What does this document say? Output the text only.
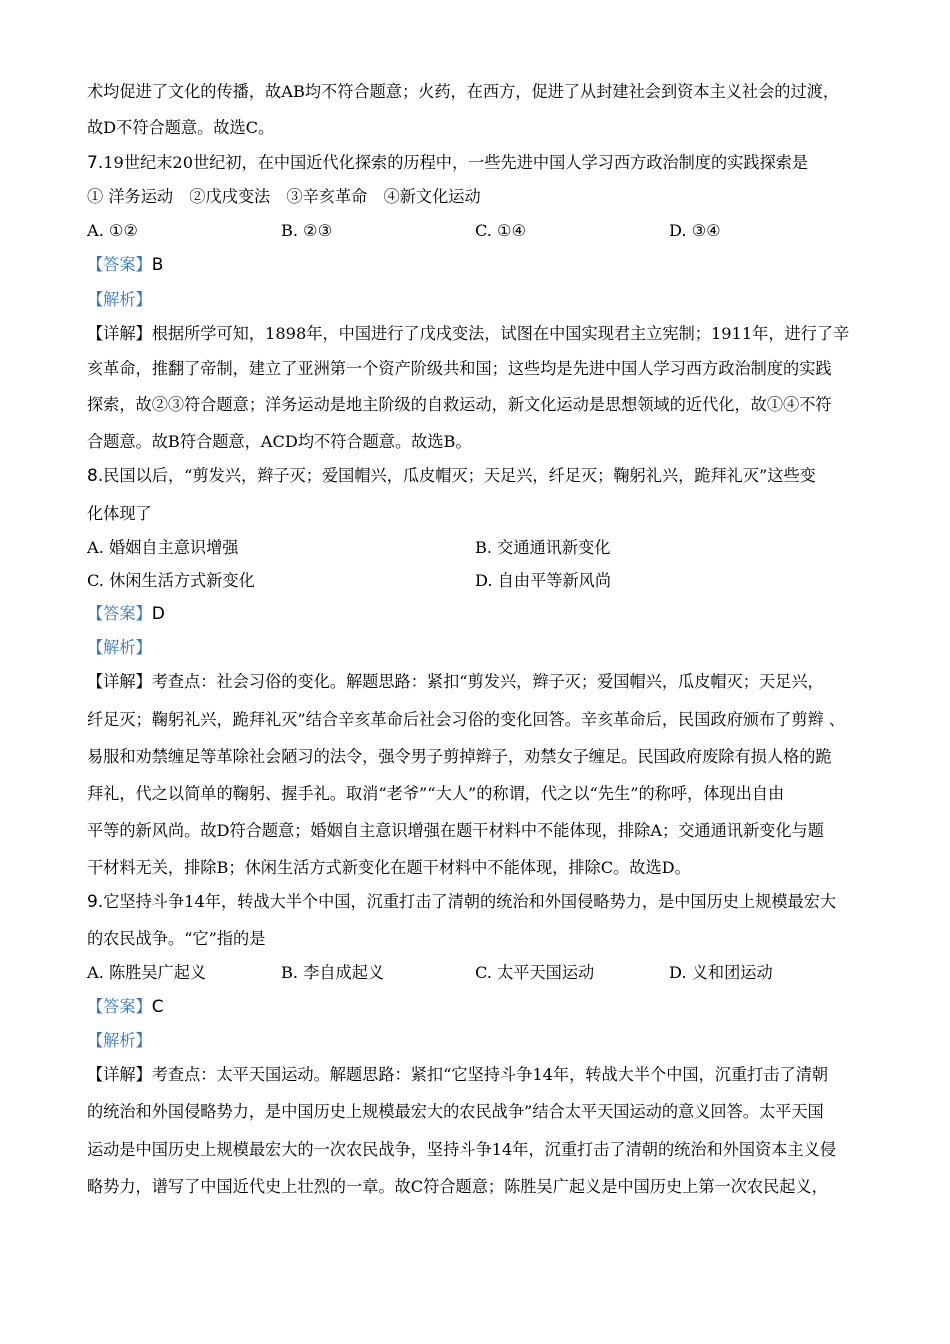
术均促进了文化的传播，故AB均不符合题意；火药，在西方，促进了从封建社会到资本主义社会的过渡，
故D不符合题意。故选C。
7.19世纪末20世纪初，在中国近代化探索的历程中，一些先进中国人学习西方政治制度的实践探索是
① 洋务运动　②戊戌变法　③辛亥革命　④新文化运动
A. ①②	B. ②③	C. ①④	D. ③④
【答案】B
【解析】
【详解】根据所学可知，1898年，中国进行了戊戌变法，试图在中国实现君主立宪制；1911年，进行了辛
亥革命，推翻了帝制，建立了亚洲第一个资产阶级共和国；这些均是先进中国人学习西方政治制度的实践
探索，故②③符合题意；洋务运动是地主阶级的自救运动，新文化运动是思想领域的近代化，故①④不符
合题意。故B符合题意，ACD均不符合题意。故选B。
8.民国以后，“剪发兴，辫子灭；爱国帽兴，瓜皮帽灭；天足兴，纤足灭；鞠躬礼兴，跪拜礼灭”这些变
化体现了
A. 婚姻自主意识增强	B. 交通通讯新变化
C. 休闲生活方式新变化	D. 自由平等新风尚
【答案】D
【解析】
【详解】考查点：社会习俗的变化。解题思路：紧扣“剪发兴，辫子灭；爱国帽兴，瓜皮帽灭；天足兴，
纤足灭；鞠躬礼兴，跪拜礼灭”结合辛亥革命后社会习俗的变化回答。辛亥革命后，民国政府颁布了剪辫 、
易服和劝禁缠足等革除社会陋习的法令，强令男子剪掉辫子，劝禁女子缠足。民国政府废除有损人格的跪
拜礼，代之以简单的鞠躬、握手礼。取消“老爷”“大人”的称谓，代之以“先生”的称呼，体现出自由
平等的新风尚。故D符合题意；婚姻自主意识增强在题干材料中不能体现，排除A；交通通讯新变化与题
干材料无关，排除B；休闲生活方式新变化在题干材料中不能体现，排除C。故选D。
9.它坚持斗争14年，转战大半个中国，沉重打击了清朝的统治和外国侵略势力，是中国历史上规模最宏大
的农民战争。“它”指的是
A. 陈胜吴广起义	B. 李自成起义	C. 太平天国运动	D. 义和团运动
【答案】C
【解析】
【详解】考查点：太平天国运动。解题思路：紧扣“它坚持斗争14年，转战大半个中国，沉重打击了清朝
的统治和外国侵略势力，是中国历史上规模最宏大的农民战争”结合太平天国运动的意义回答。太平天国
运动是中国历史上规模最宏大的一次农民战争，坚持斗争14年，沉重打击了清朝的统治和外国资本主义侵
略势力，谱写了中国近代史上壮烈的一章。故C符合题意；陈胜吴广起义是中国历史上第一次农民起义，
